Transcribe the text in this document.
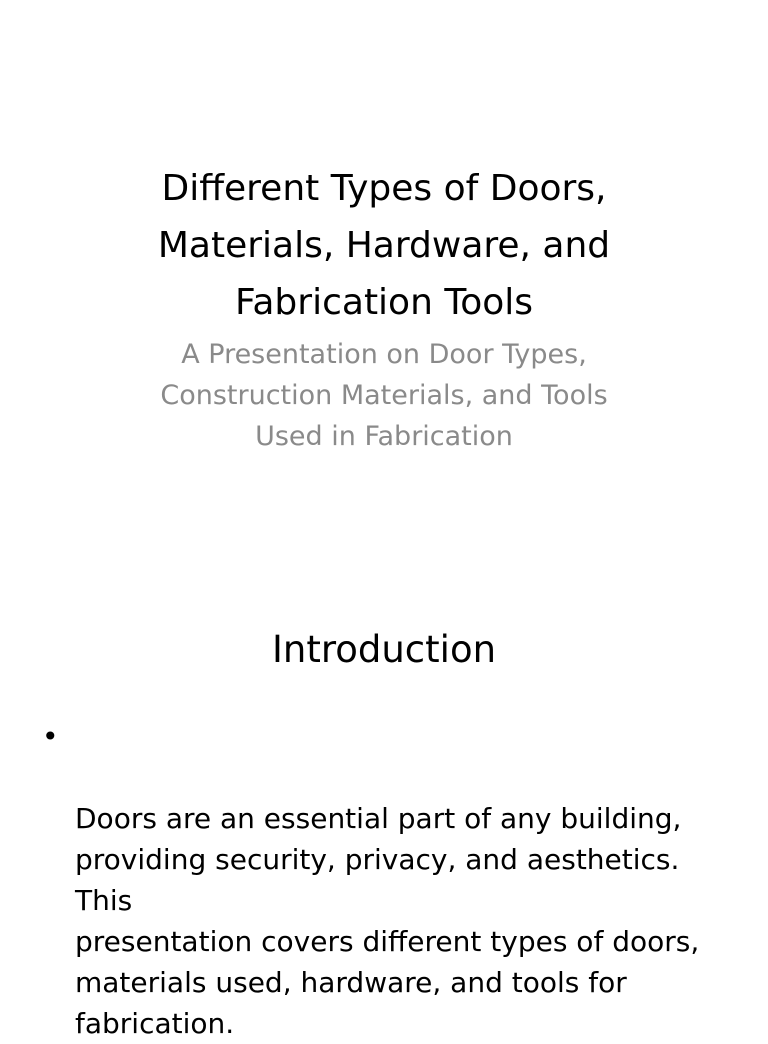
Different Types of Doors,
Materials, Hardware, and
Fabrication Tools
A Presentation on Door Types,
Construction Materials, and Tools
Used in Fabrication
Introduction

•

Doors are an essential part of any building,
providing security, privacy, and aesthetics. This
presentation covers different types of doors,
materials used, hardware, and tools for
fabrication.
